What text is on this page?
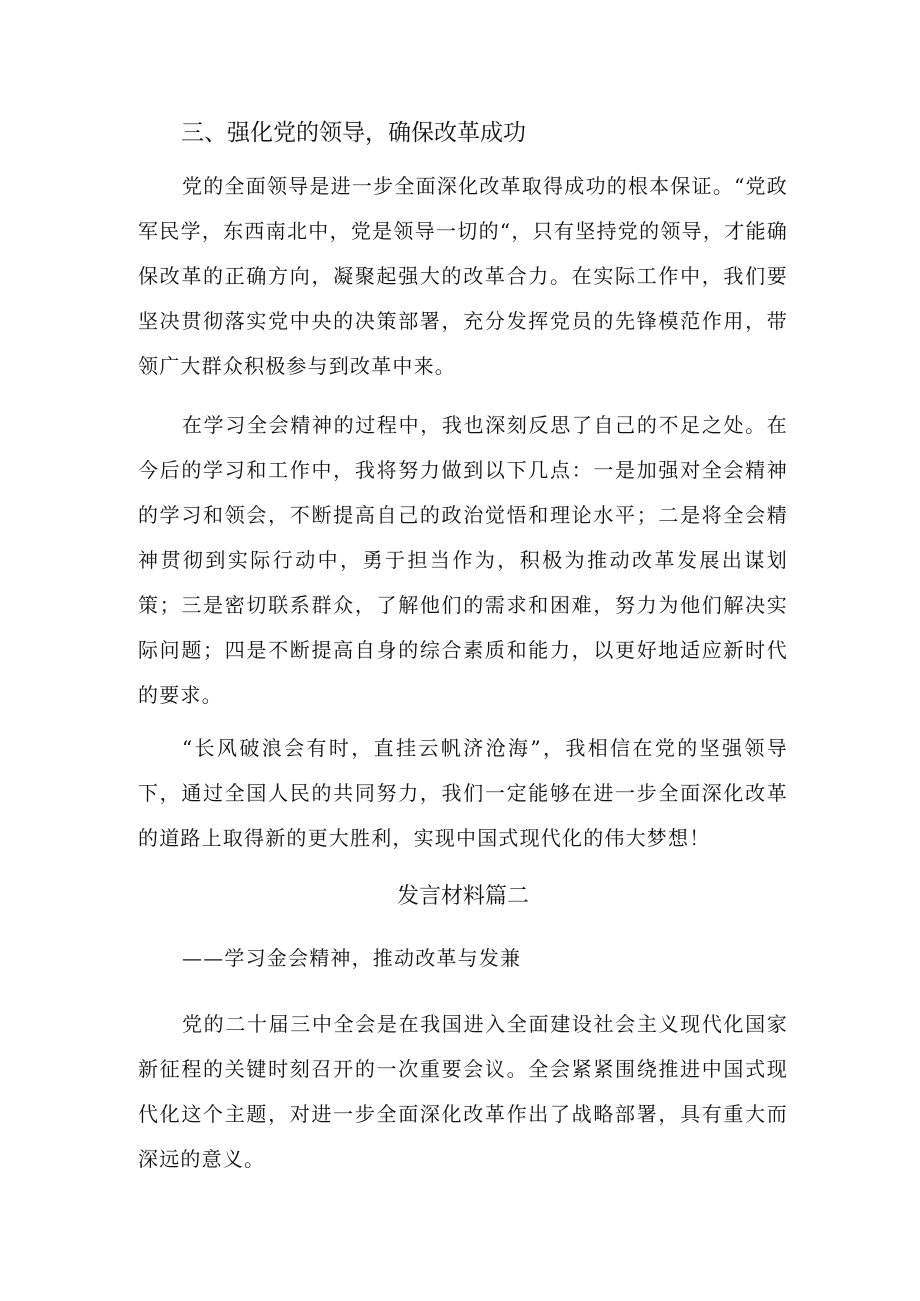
三、强化党的领导，确保改革成功

党的全面领导是进一步全面深化改革取得成功的根本保证。“党政军民学，东西南北中，党是领导一切的“，只有坚持党的领导，才能确保改革的正确方向，凝聚起强大的改革合力。在实际工作中，我们要坚决贯彻落实党中央的决策部署，充分发挥党员的先锋模范作用，带领广大群众积极参与到改革中来。

在学习全会精神的过程中，我也深刻反思了自己的不足之处。在今后的学习和工作中，我将努力做到以下几点：一是加强对全会精神的学习和领会，不断提高自己的政治觉悟和理论水平；二是将全会精神贯彻到实际行动中，勇于担当作为，积极为推动改革发展出谋划策；三是密切联系群众，了解他们的需求和困难，努力为他们解决实际问题；四是不断提高自身的综合素质和能力，以更好地适应新时代的要求。

“长风破浪会有时，直挂云帆济沧海”，我相信在党的坚强领导下，通过全国人民的共同努力，我们一定能够在进一步全面深化改革的道路上取得新的更大胜利，实现中国式现代化的伟大梦想！

发言材料篇二
——学习金会精神，推动改革与发兼

党的二十届三中全会是在我国进入全面建设社会主义现代化国家新征程的关键时刻召开的一次重要会议。全会紧紧围绕推进中国式现代化这个主题，对进一步全面深化改革作出了战略部署，具有重大而深远的意义。
